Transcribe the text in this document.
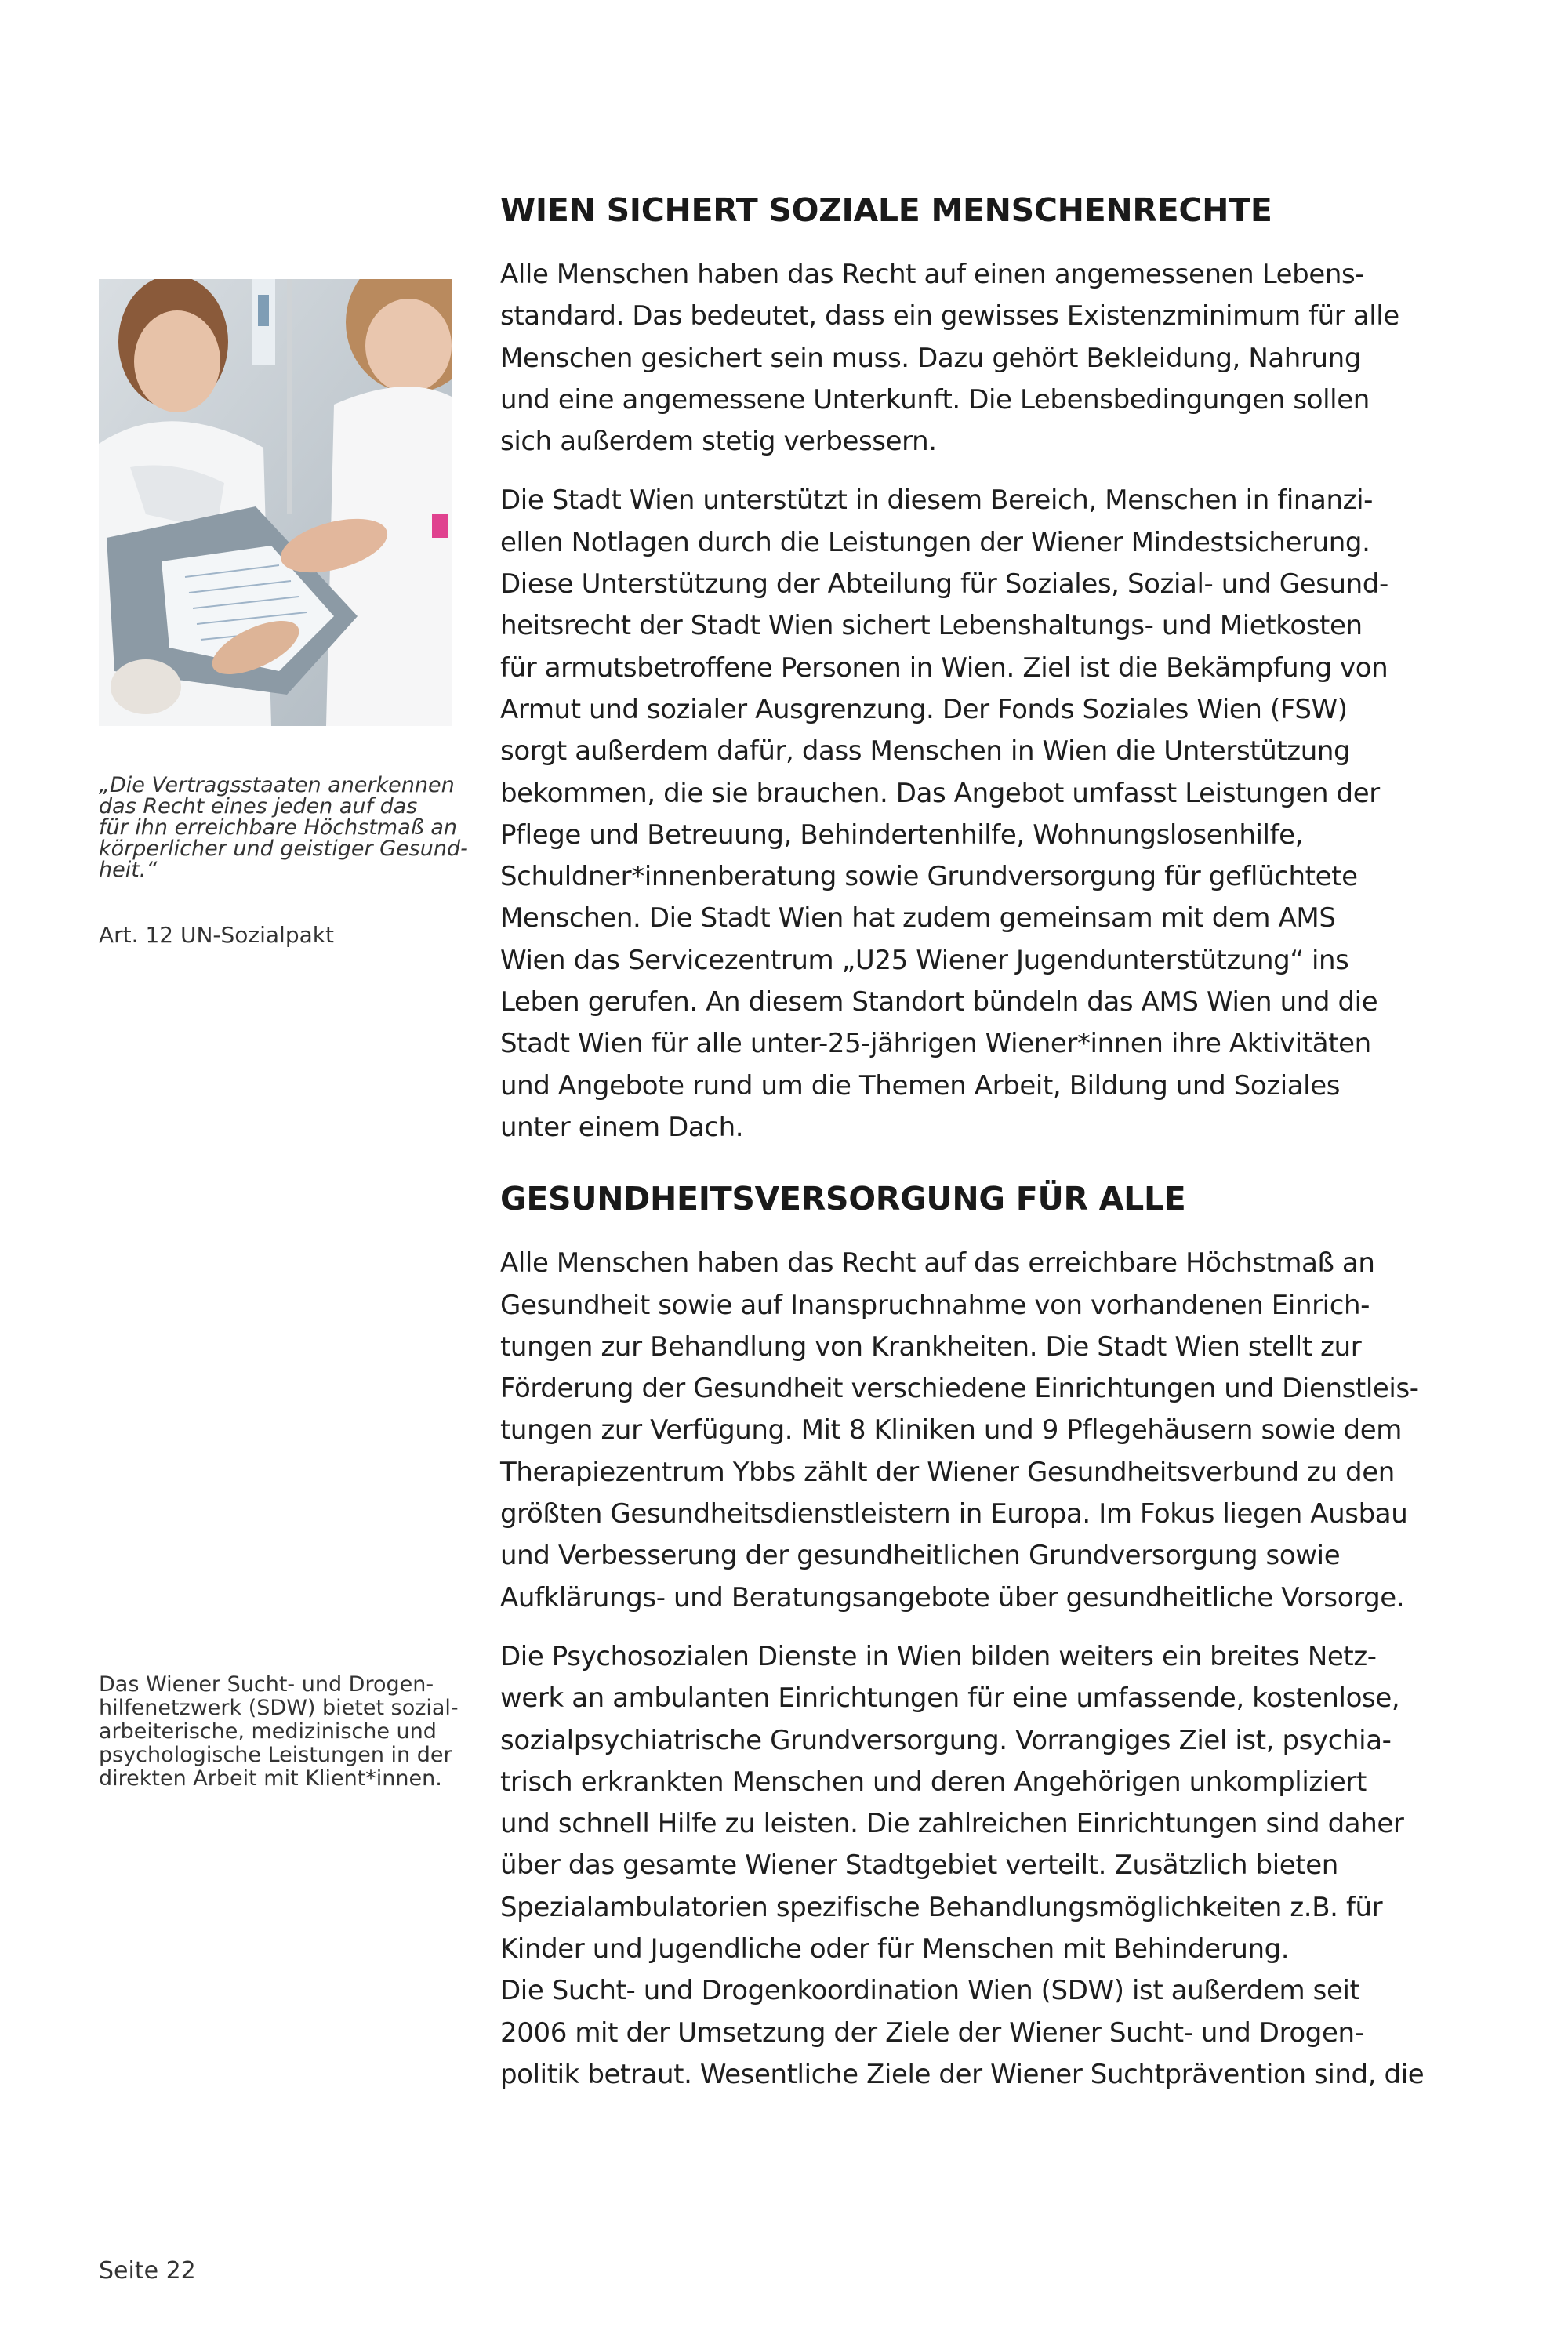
„Die Vertragsstaaten anerkennen
das Recht eines jeden auf das
für ihn erreichbare Höchstmaß an
körperlicher und geistiger Gesund-
heit.“

Art. 12 UN-Sozialpakt

Das Wiener Sucht- und Drogen-
hilfenetzwerk (SDW) bietet sozial-
arbeiterische, medizinische und
psychologische Leistungen in der
direkten Arbeit mit Klient*innen.

WIEN SICHERT SOZIALE MENSCHENRECHTE

Alle Menschen haben das Recht auf einen angemessenen Lebens-
standard. Das bedeutet, dass ein gewisses Existenzminimum für alle
Menschen gesichert sein muss. Dazu gehört Bekleidung, Nahrung
und eine angemessene Unterkunft. Die Lebensbedingungen sollen
sich außerdem stetig verbessern.

Die Stadt Wien unterstützt in diesem Bereich, Menschen in finanzi-
ellen Notlagen durch die Leistungen der Wiener Mindestsicherung.
Diese Unterstützung der Abteilung für Soziales, Sozial- und Gesund-
heitsrecht der Stadt Wien sichert Lebenshaltungs- und Mietkosten
für armutsbetroffene Personen in Wien. Ziel ist die Bekämpfung von
Armut und sozialer Ausgrenzung. Der Fonds Soziales Wien (FSW)
sorgt außerdem dafür, dass Menschen in Wien die Unterstützung
bekommen, die sie brauchen. Das Angebot umfasst Leistungen der
Pflege und Betreuung, Behindertenhilfe, Wohnungslosenhilfe,
Schuldner*innenberatung sowie Grundversorgung für geflüchtete
Menschen. Die Stadt Wien hat zudem gemeinsam mit dem AMS
Wien das Servicezentrum „U25 Wiener Jugendunterstützung“ ins
Leben gerufen. An diesem Standort bündeln das AMS Wien und die
Stadt Wien für alle unter-25-jährigen Wiener*innen ihre Aktivitäten
und Angebote rund um die Themen Arbeit, Bildung und Soziales
unter einem Dach.

GESUNDHEITSVERSORGUNG FÜR ALLE

Alle Menschen haben das Recht auf das erreichbare Höchstmaß an
Gesundheit sowie auf Inanspruchnahme von vorhandenen Einrich-
tungen zur Behandlung von Krankheiten. Die Stadt Wien stellt zur
Förderung der Gesundheit verschiedene Einrichtungen und Dienstleis-
tungen zur Verfügung. Mit 8 Kliniken und 9 Pflegehäusern sowie dem
Therapiezentrum Ybbs zählt der Wiener Gesundheitsverbund zu den
größten Gesundheitsdienstleistern in Europa. Im Fokus liegen Ausbau
und Verbesserung der gesundheitlichen Grundversorgung sowie
Aufklärungs- und Beratungsangebote über gesundheitliche Vorsorge.

Die Psychosozialen Dienste in Wien bilden weiters ein breites Netz-
werk an ambulanten Einrichtungen für eine umfassende, kostenlose,
sozialpsychiatrische Grundversorgung. Vorrangiges Ziel ist, psychia-
trisch erkrankten Menschen und deren Angehörigen unkompliziert
und schnell Hilfe zu leisten. Die zahlreichen Einrichtungen sind daher
über das gesamte Wiener Stadtgebiet verteilt. Zusätzlich bieten
Spezialambulatorien spezifische Behandlungsmöglichkeiten z.B. für
Kinder und Jugendliche oder für Menschen mit Behinderung.
Die Sucht- und Drogenkoordination Wien (SDW) ist außerdem seit
2006 mit der Umsetzung der Ziele der Wiener Sucht- und Drogen-
politik betraut. Wesentliche Ziele der Wiener Suchtprävention sind, die

Seite 22
